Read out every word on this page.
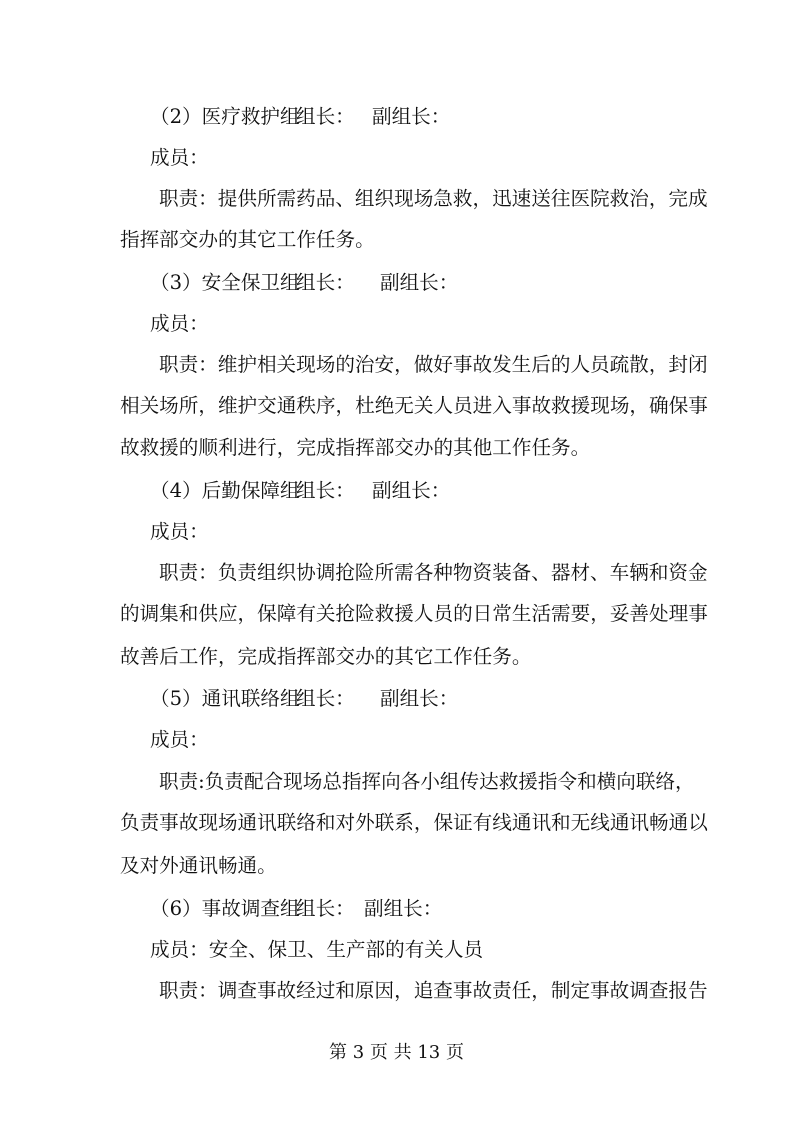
（2）医疗救护组
组长： 副组长：
成员：
职责：提供所需药品、组织现场急救，迅速送往医院救治，完成
指挥部交办的其它工作任务。
（3）安全保卫组
组长： 副组长：
成员：
职责：维护相关现场的治安，做好事故发生后的人员疏散，封闭
相关场所，维护交通秩序，杜绝无关人员进入事故救援现场，确保事
故救援的顺利进行，完成指挥部交办的其他工作任务。
（4）后勤保障组
组长： 副组长：
成员：
职责：负责组织协调抢险所需各种物资装备、器材、车辆和资金
的调集和供应，保障有关抢险救援人员的日常生活需要，妥善处理事
故善后工作，完成指挥部交办的其它工作任务。
（5）通讯联络组
组长： 副组长：
成员：
职责:负责配合现场总指挥向各小组传达救援指令和横向联络，
负责事故现场通讯联络和对外联系，保证有线通讯和无线通讯畅通以
及对外通讯畅通。
（6）事故调查组
组长： 副组长：
成员：安全、保卫、生产部的有关人员
职责：调查事故经过和原因，追查事故责任，制定事故调查报告
第 3 页 共 13 页
